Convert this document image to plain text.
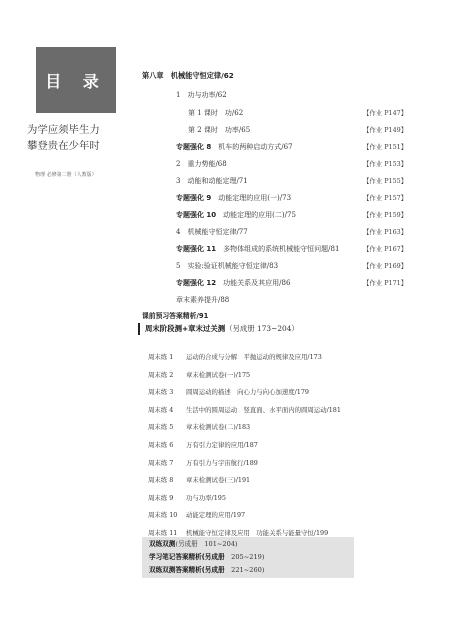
目 录
为学应须毕生力
攀登贵在少年时
物理 必修第二册（人教版）
第八章　机械能守恒定律/62
1　功与功率/62
第 1 课时　功/62	【作业 P147】
第 2 课时　功率/65	【作业 P149】
专题强化 8　机车的两种启动方式/67	【作业 P151】
2　重力势能/68	【作业 P153】
3　动能和动能定理/71	【作业 P155】
专题强化 9　动能定理的应用(一)/73	【作业 P157】
专题强化 10　动能定理的应用(二)/75	【作业 P159】
4　机械能守恒定律/77	【作业 P163】
专题强化 11　多物体组成的系统机械能守恒问题/81	【作业 P167】
5　实验:验证机械能守恒定律/83	【作业 P169】
专题强化 12　功能关系及其应用/86	【作业 P171】
章末素养提升/88
课前预习答案精析/91
周末阶段测+章末过关测（另成册 173~204）
周末练 1 运动的合成与分解　平抛运动的规律及应用/173
周末练 2 章末检测试卷(一)/175
周末练 3 圆周运动的描述　向心力与向心加速度/179
周末练 4 生活中的圆周运动　竖直面、水平面内的圆周运动/181
周末练 5 章末检测试卷(二)/183
周末练 6 万有引力定律的应用/187
周末练 7 万有引力与宇宙航行/189
周末练 8 章末检测试卷(三)/191
周末练 9 功与功率/195
周末练 10 动能定理的应用/197
周末练 11 机械能守恒定律及应用　功能关系与能量守恒/199
双练双测(另成册　101~204)
学习笔记答案精析(另成册　205~219)
双练双测答案精析(另成册　221~260)
